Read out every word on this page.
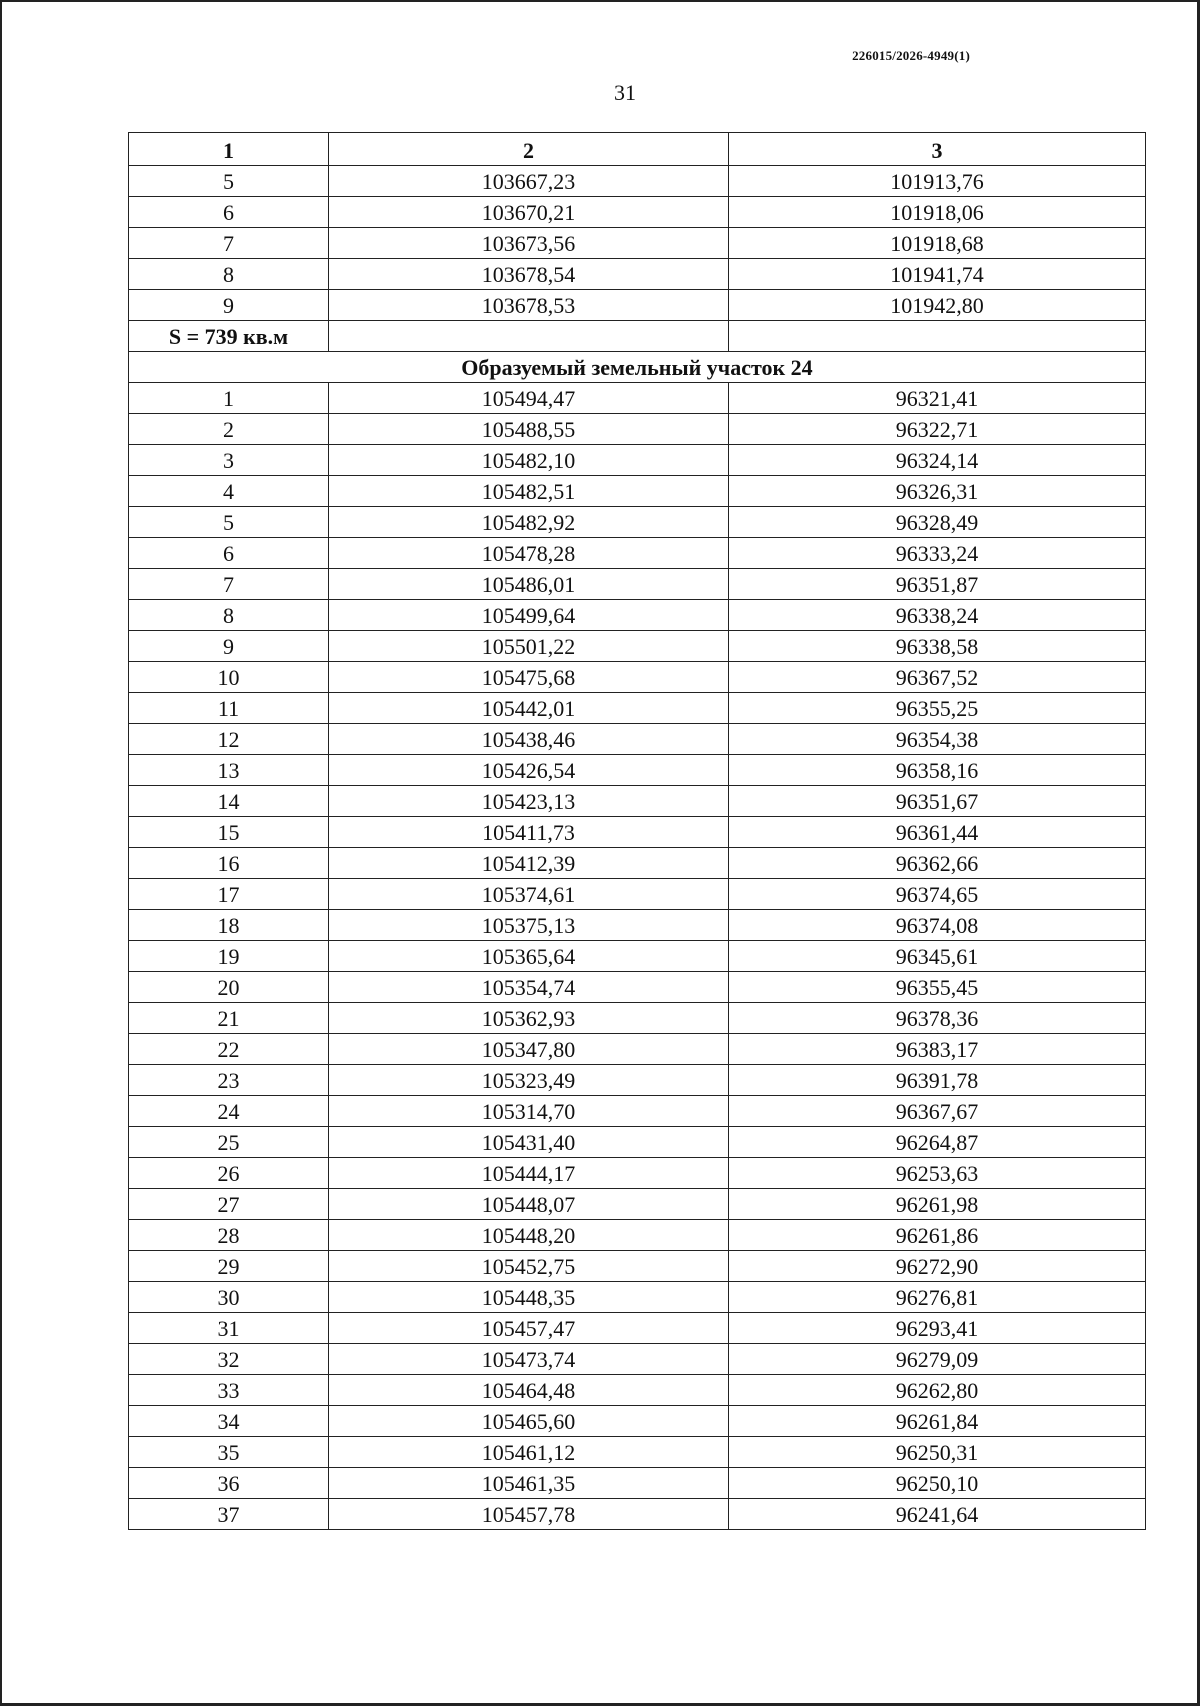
226015/2026-4949(1)
31
1	2	3
5	103667,23	101913,76
6	103670,21	101918,06
7	103673,56	101918,68
8	103678,54	101941,74
9	103678,53	101942,80
S = 739 кв.м		
Образуемый земельный участок 24		
1	105494,47	96321,41
2	105488,55	96322,71
3	105482,10	96324,14
4	105482,51	96326,31
5	105482,92	96328,49
6	105478,28	96333,24
7	105486,01	96351,87
8	105499,64	96338,24
9	105501,22	96338,58
10	105475,68	96367,52
11	105442,01	96355,25
12	105438,46	96354,38
13	105426,54	96358,16
14	105423,13	96351,67
15	105411,73	96361,44
16	105412,39	96362,66
17	105374,61	96374,65
18	105375,13	96374,08
19	105365,64	96345,61
20	105354,74	96355,45
21	105362,93	96378,36
22	105347,80	96383,17
23	105323,49	96391,78
24	105314,70	96367,67
25	105431,40	96264,87
26	105444,17	96253,63
27	105448,07	96261,98
28	105448,20	96261,86
29	105452,75	96272,90
30	105448,35	96276,81
31	105457,47	96293,41
32	105473,74	96279,09
33	105464,48	96262,80
34	105465,60	96261,84
35	105461,12	96250,31
36	105461,35	96250,10
37	105457,78	96241,64
